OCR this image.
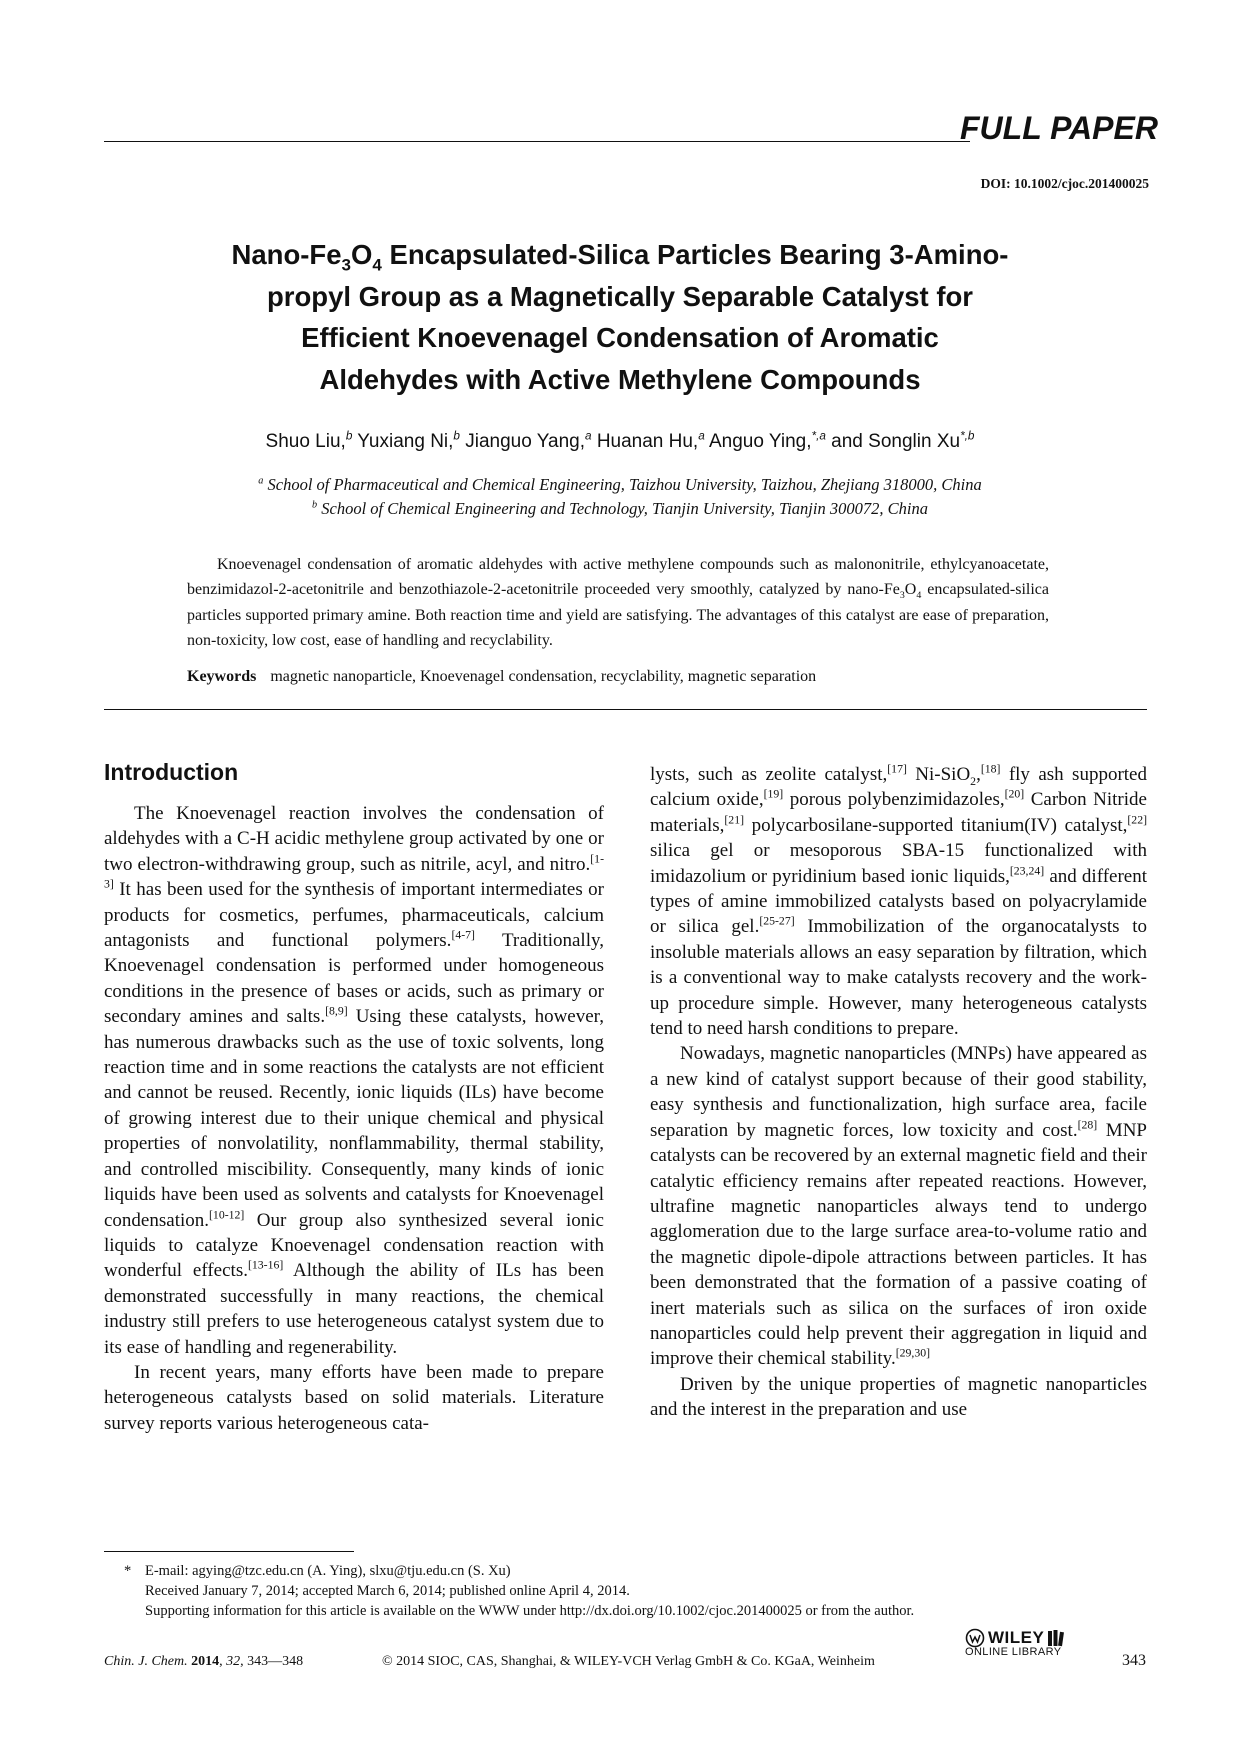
FULL PAPER
DOI: 10.1002/cjoc.201400025
Nano-$Fe_3O_4$ Encapsulated-Silica Particles Bearing 3-Amino-
propyl Group as a Magnetically Separable Catalyst for
Efficient Knoevenagel Condensation of Aromatic
Aldehydes with Active Methylene Compounds
Shuo Liu,$^b$ Yuxiang Ni,$^b$ Jianguo Yang,$^a$ Huanan Hu,$^a$ Anguo Ying,$^{*,a}$ and Songlin $Xu^{*,b}$
$^a$ School of Pharmaceutical and Chemical Engineering, Taizhou University, Taizhou, Zhejiang 318000, China
$^b$ School of Chemical Engineering and Technology, Tianjin University, Tianjin 300072, China
Knoevenagel condensation of aromatic aldehydes with active methylene compounds such as malononitrile, ethylcyanoacetate, benzimidazol-2-acetonitrile and benzothiazole-2-acetonitrile proceeded very smoothly, catalyzed by nano-$Fe_3O_4$ encapsulated-silica particles supported primary amine. Both reaction time and yield are satisfying. The advantages of this catalyst are ease of preparation, non-toxicity, low cost, ease of handling and recyclability.
Keywords magnetic nanoparticle, Knoevenagel condensation, recyclability, magnetic separation
Introduction

The Knoevenagel reaction involves the condensation of aldehydes with a C-H acidic methylene group activated by one or two electron-withdrawing group, such as nitrile, acyl, and nitro.[1-3] It has been used for the synthesis of important intermediates or products for cosmetics, perfumes, pharmaceuticals, calcium antagonists and functional polymers.[4-7] Traditionally, Knoevenagel condensation is performed under homogeneous conditions in the presence of bases or acids, such as primary or secondary amines and salts.[8,9] Using these catalysts, however, has numerous drawbacks such as the use of toxic solvents, long reaction time and in some reactions the catalysts are not efficient and cannot be reused. Recently, ionic liquids (ILs) have become of growing interest due to their unique chemical and physical properties of nonvolatility, nonflammability, thermal stability, and controlled miscibility. Consequently, many kinds of ionic liquids have been used as solvents and catalysts for Knoevenagel condensation.[10-12] Our group also synthesized several ionic liquids to catalyze Knoevenagel condensation reaction with wonderful effects.[13-16] Although the ability of ILs has been demonstrated successfully in many reactions, the chemical industry still prefers to use heterogeneous catalyst system due to its ease of handling and regenerability.

In recent years, many efforts have been made to prepare heterogeneous catalysts based on solid materials. Literature survey reports various heterogeneous cata-

lysts, such as zeolite catalyst,[17] Ni-SiO$_2$,[18] fly ash supported calcium oxide,[19] porous polybenzimidazoles,[20] Carbon Nitride materials,[21] polycarbosilane-supported titanium(IV) catalyst,[22] silica gel or mesoporous SBA-15 functionalized with imidazolium or pyridinium based ionic liquids,[23,24] and different types of amine immobilized catalysts based on polyacrylamide or silica gel.[25-27] Immobilization of the organocatalysts to insoluble materials allows an easy separation by filtration, which is a conventional way to make catalysts recovery and the work-up procedure simple. However, many heterogeneous catalysts tend to need harsh conditions to prepare.

Nowadays, magnetic nanoparticles (MNPs) have appeared as a new kind of catalyst support because of their good stability, easy synthesis and functionalization, high surface area, facile separation by magnetic forces, low toxicity and cost.[28] MNP catalysts can be recovered by an external magnetic field and their catalytic efficiency remains after repeated reactions. However, ultrafine magnetic nanoparticles always tend to undergo agglomeration due to the large surface area-to-volume ratio and the magnetic dipole-dipole attractions between particles. It has been demonstrated that the formation of a passive coating of inert materials such as silica on the surfaces of iron oxide nanoparticles could help prevent their aggregation in liquid and improve their chemical stability.[29,30]

Driven by the unique properties of magnetic nanoparticles and the interest in the preparation and use

* E-mail: agying@tzc.edu.cn (A. Ying), slxu@tju.edu.cn (S. Xu)
Received January 7, 2014; accepted March 6, 2014; published online April 4, 2014.
Supporting information for this article is available on the WWW under http://dx.doi.org/10.1002/cjoc.201400025 or from the author.
Chin. J. Chem. 2014, 32, 343—348	© 2014 SIOC, CAS, Shanghai, & WILEY-VCH Verlag GmbH & Co. KGaA, Weinheim
WILEY
ONLINE LIBRARY	343
